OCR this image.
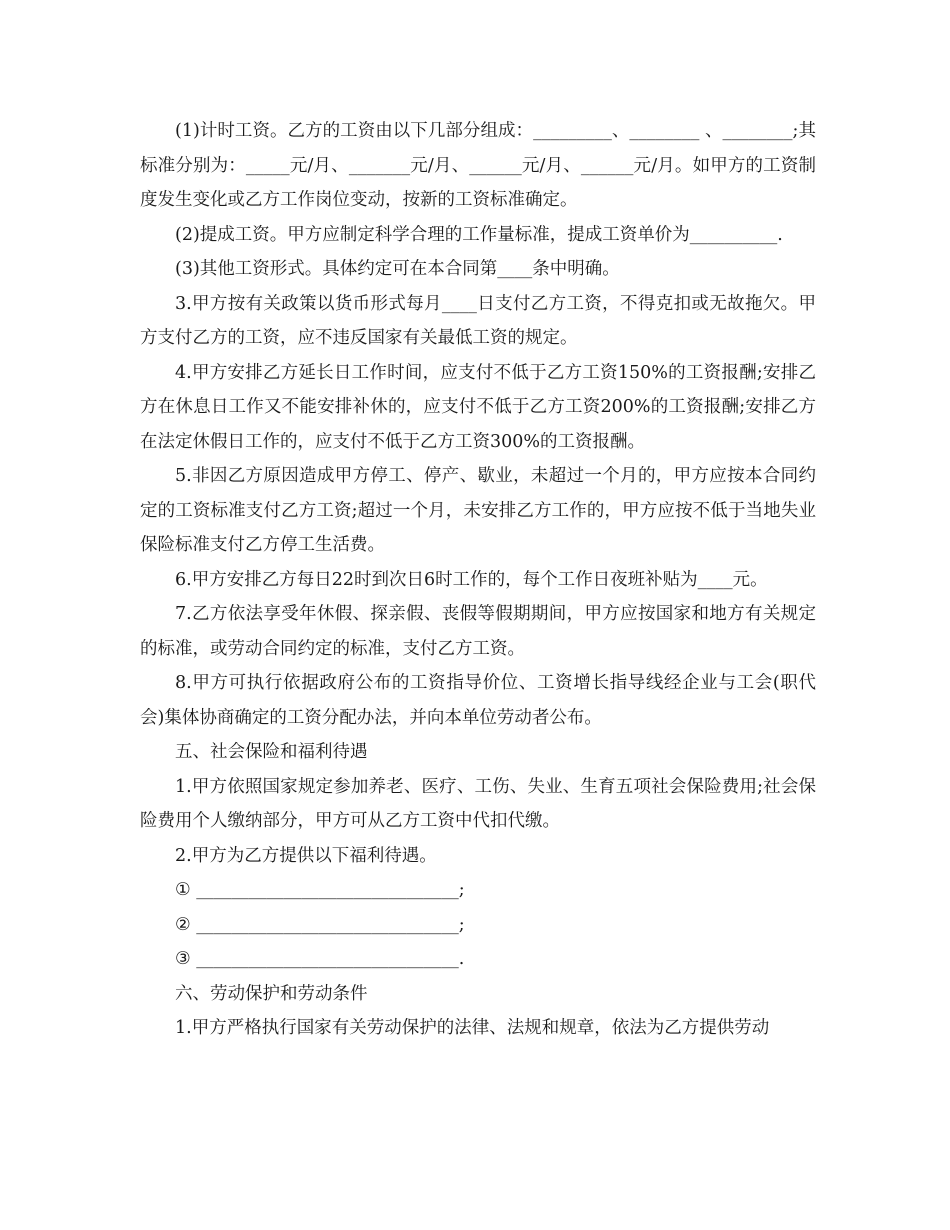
(1)计时工资。乙方的工资由以下几部分组成：_________、________ 、________;其标准分别为：_____元/月、_______元/月、______元/月、______元/月。如甲方的工资制度发生变化或乙方工作岗位变动，按新的工资标准确定。

(2)提成工资。甲方应制定科学合理的工作量标准，提成工资单价为__________.

(3)其他工资形式。具体约定可在本合同第____条中明确。

3.甲方按有关政策以货币形式每月____日支付乙方工资，不得克扣或无故拖欠。甲方支付乙方的工资，应不违反国家有关最低工资的规定。

4.甲方安排乙方延长日工作时间，应支付不低于乙方工资150%的工资报酬;安排乙方在休息日工作又不能安排补休的，应支付不低于乙方工资200%的工资报酬;安排乙方在法定休假日工作的，应支付不低于乙方工资300%的工资报酬。

5.非因乙方原因造成甲方停工、停产、歇业，未超过一个月的，甲方应按本合同约定的工资标准支付乙方工资;超过一个月，未安排乙方工作的，甲方应按不低于当地失业保险标准支付乙方停工生活费。

6.甲方安排乙方每日22时到次日6时工作的，每个工作日夜班补贴为____元。

7.乙方依法享受年休假、探亲假、丧假等假期期间，甲方应按国家和地方有关规定的标准，或劳动合同约定的标准，支付乙方工资。

8.甲方可执行依据政府公布的工资指导价位、工资增长指导线经企业与工会(职代会)集体协商确定的工资分配办法，并向本单位劳动者公布。

五、社会保险和福利待遇

1.甲方依照国家规定参加养老、医疗、工伤、失业、生育五项社会保险费用;社会保险费用个人缴纳部分，甲方可从乙方工资中代扣代缴。

2.甲方为乙方提供以下福利待遇。

① ______________________________;

② ______________________________;

③ ______________________________.

六、劳动保护和劳动条件

1.甲方严格执行国家有关劳动保护的法律、法规和规章，依法为乙方提供劳动
